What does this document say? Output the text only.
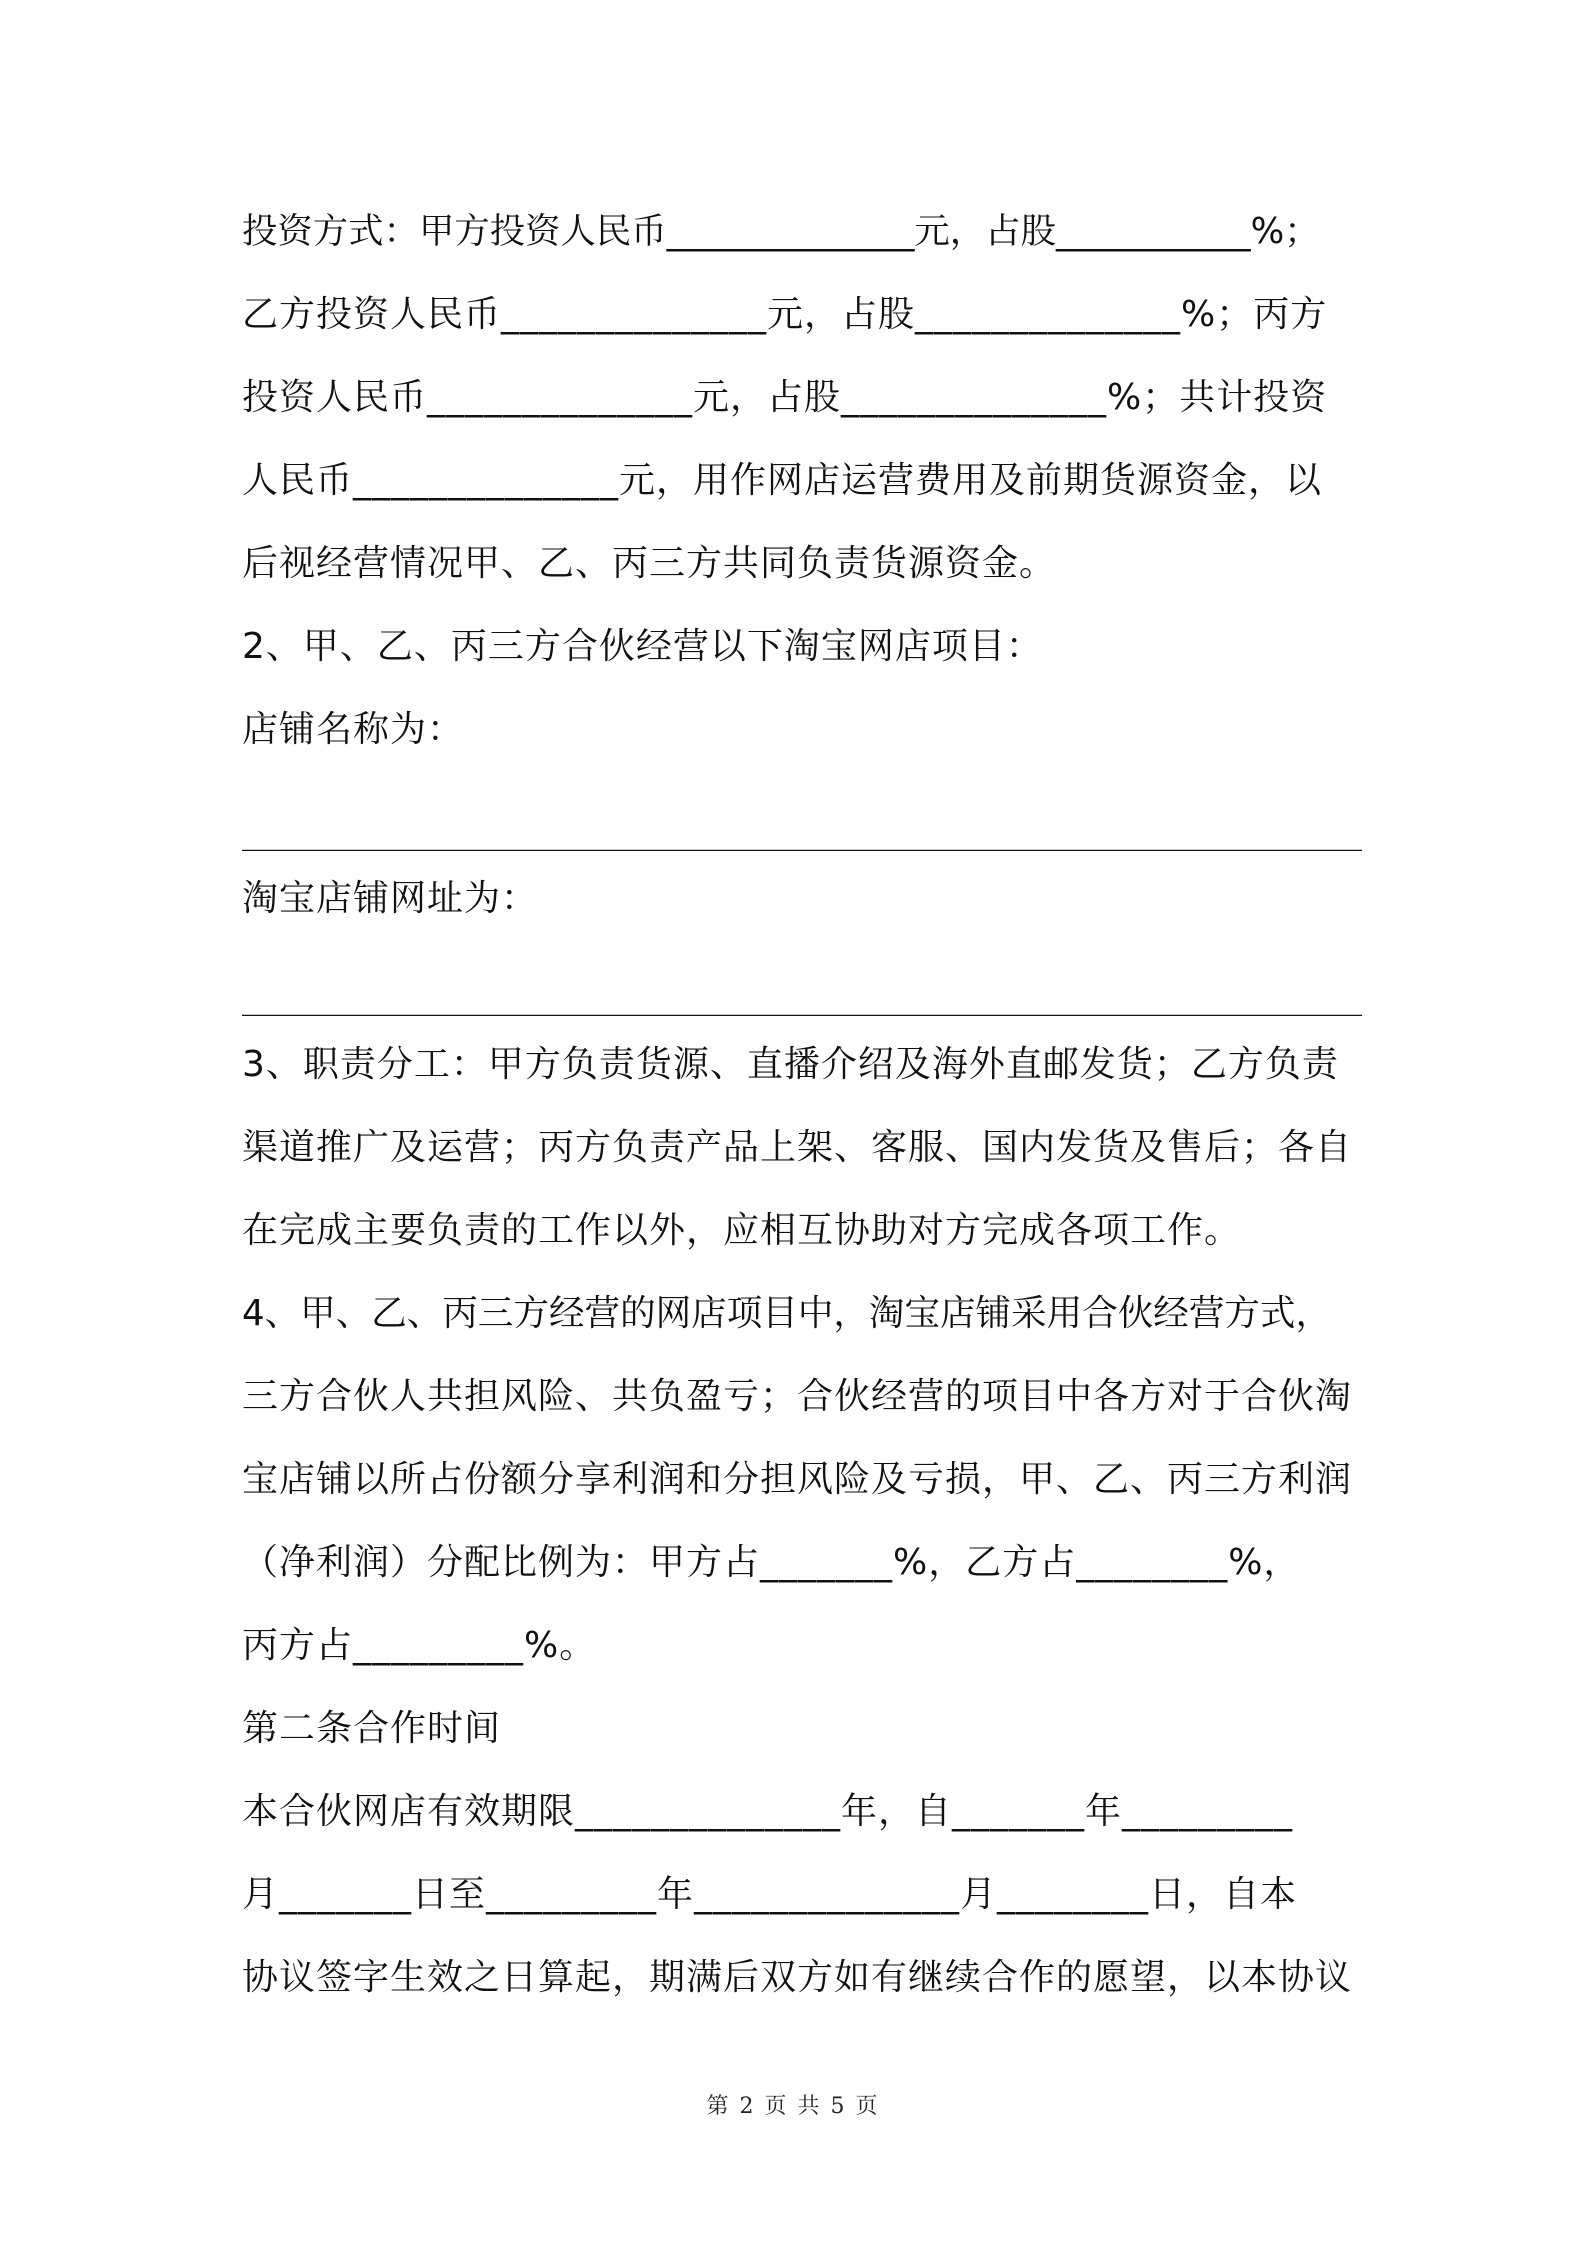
投资方式：甲方投资人民币______________元，占股___________%；
乙方投资人民币______________元，占股______________%；丙方
投资人民币______________元，占股______________%；共计投资
人民币______________元，用作网店运营费用及前期货源资金，以
后视经营情况甲、乙、丙三方共同负责货源资金。
2、甲、乙、丙三方合伙经营以下淘宝网店项目：
店铺名称为：
________________________________________________________
淘宝店铺网址为：
________________________________________________________
3、职责分工：甲方负责货源、直播介绍及海外直邮发货；乙方负责
渠道推广及运营；丙方负责产品上架、客服、国内发货及售后；各自
在完成主要负责的工作以外，应相互协助对方完成各项工作。
4、甲、乙、丙三方经营的网店项目中，淘宝店铺采用合伙经营方式，
三方合伙人共担风险、共负盈亏；合伙经营的项目中各方对于合伙淘
宝店铺以所占份额分享利润和分担风险及亏损，甲、乙、丙三方利润
（净利润）分配比例为：甲方占_______%，乙方占________%，
丙方占_________%。
第二条合作时间
本合伙网店有效期限______________年，自_______年_________
月_______日至_________年______________月________日，自本
协议签字生效之日算起，期满后双方如有继续合作的愿望，以本协议
第 2 页 共 5 页
